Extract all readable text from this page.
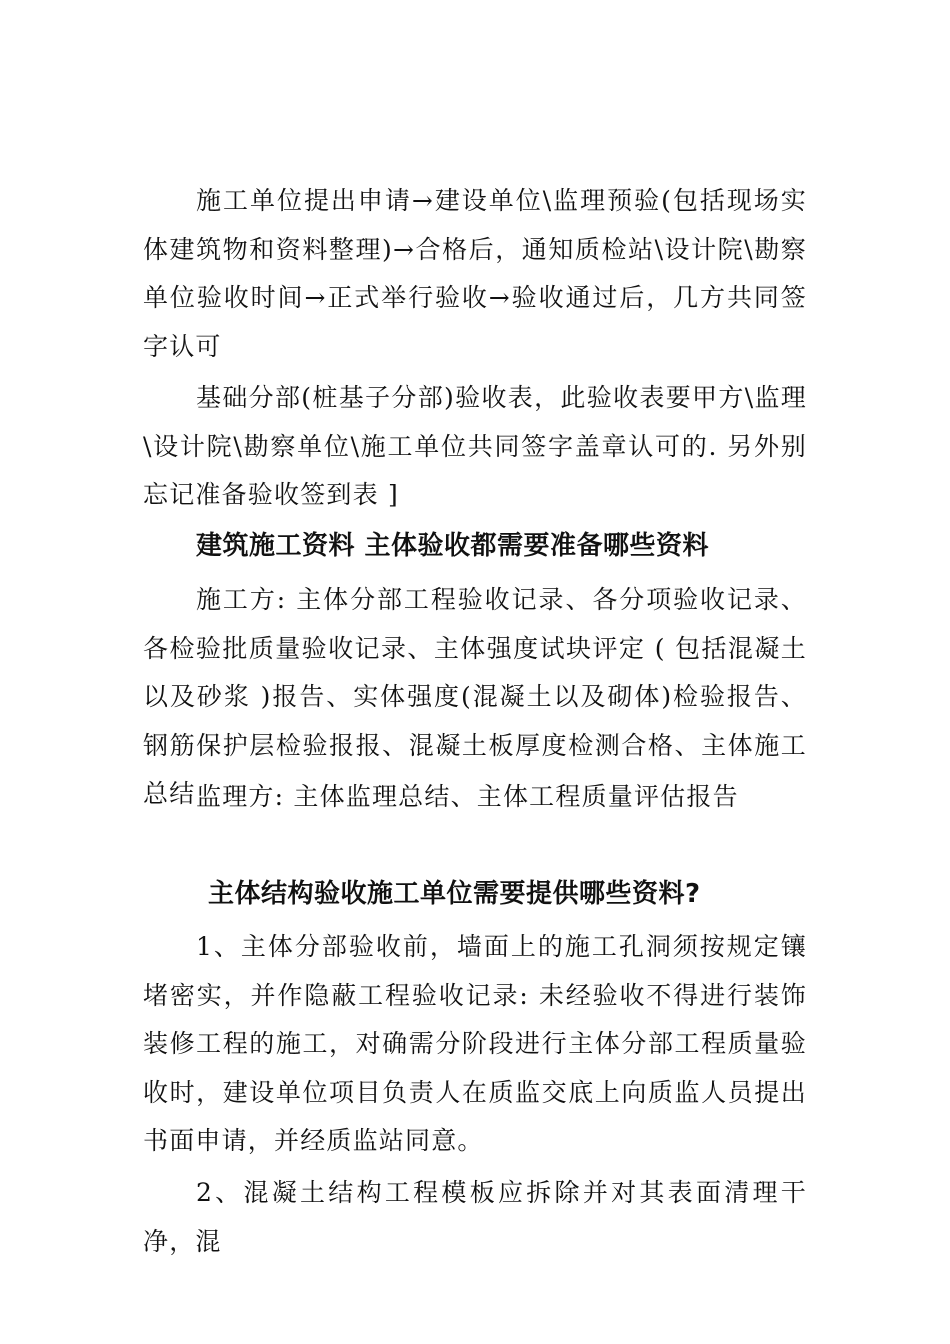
施工单位提出申请→建设单位\监理预验(包括现场实体建筑物和资料整理)→合格后，通知质检站\设计院\勘察单位验收时间→正式举行验收→验收通过后，几方共同签字认可

基础分部(桩基子分部)验收表，此验收表要甲方\监理\设计院\勘察单位\施工单位共同签字盖章认可的. 另外别忘记准备验收签到表 ]

建筑施工资料 主体验收都需要准备哪些资料

施工方: 主体分部工程验收记录、各分项验收记录、各检验批质量验收记录、主体强度试块评定 ( 包括混凝土以及砂浆 )报告、实体强度(混凝土以及砌体)检验报告、钢筋保护层检验报报、混凝土板厚度检测合格、主体施工总结 监理方: 主体监理总结、主体工程质量评估报告

主体结构验收施工单位需要提供哪些资料?

1、主体分部验收前，墙面上的施工孔洞须按规定镶堵密实，并作隐蔽工程验收记录: 未经验收不得进行装饰装修工程的施工，对确需分阶段进行主体分部工程质量验收时，建设单位项目负责人在质监交底上向质监人员提出书面申请，并经质监站同意。

2、混凝土结构工程模板应拆除并对其表面清理干净，混
